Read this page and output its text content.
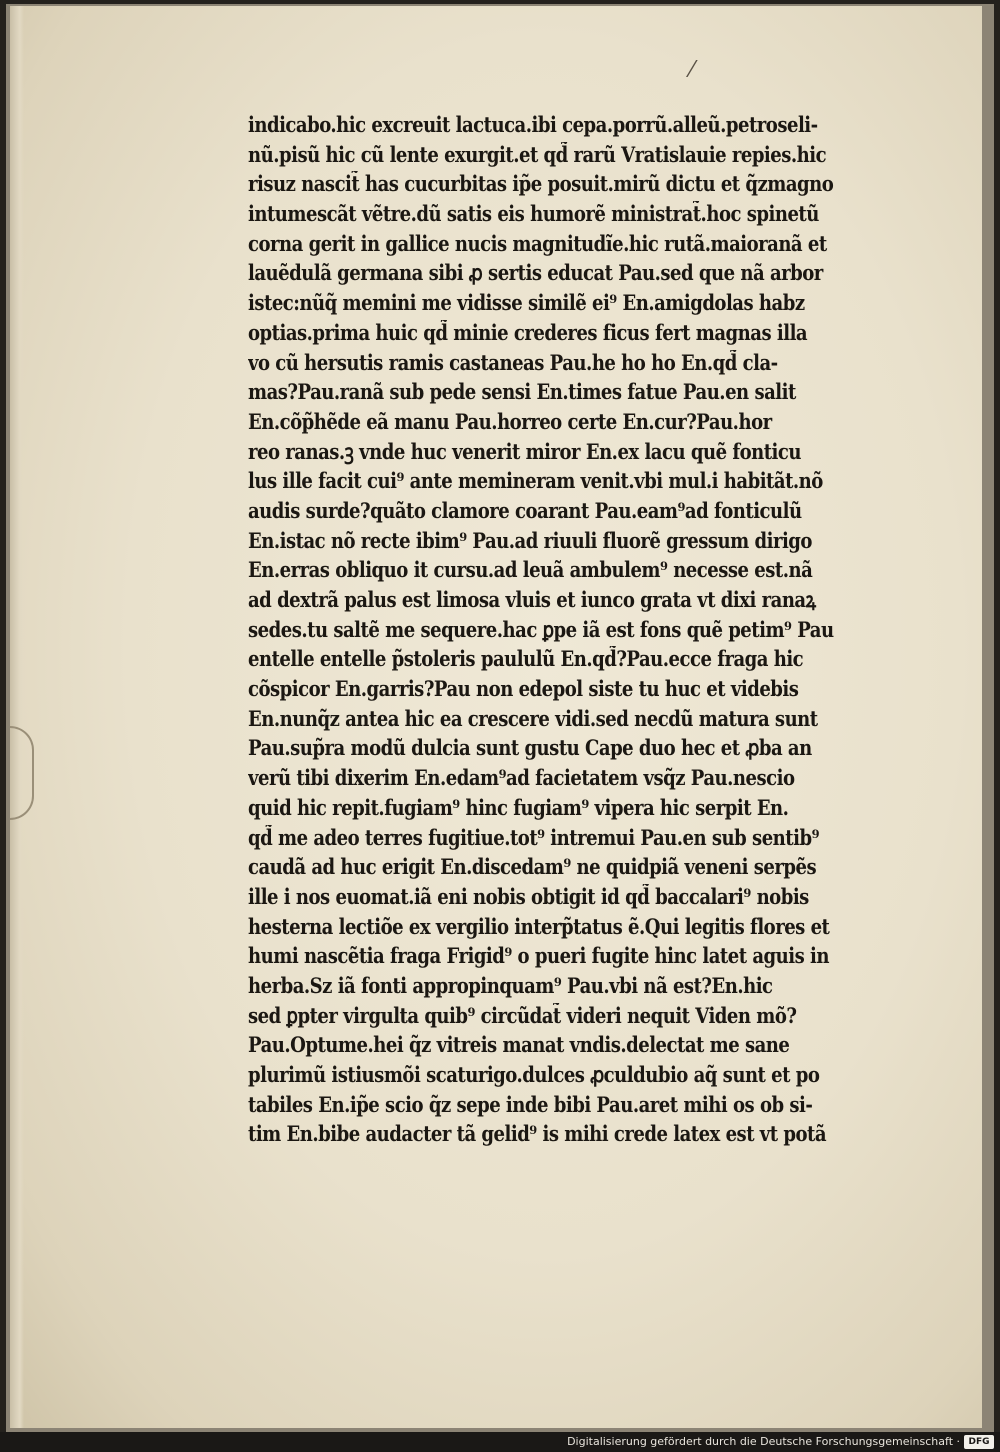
⁄
indicabo.hic excreuit lactuca.ibi cepa.porrũ.alleũ.petroseli-
nũ.pisũ hic cũ lente exurgit.et qd̃ rarũ Vratislauie repies.hic
risuz nascit̃ has cucurbitas ip̃e posuit.mirũ dictu et q̃zmagno
intumescãt vẽtre.dũ satis eis humorẽ ministrat̃.hoc spinetũ
corna gerit in gallice nucis magnitudĩe.hic rutã.maioranã et
lauẽdulã germana sibi ꝓ sertis educat Pau.sed que nã arbor
istec:nũq̃ memini me vidisse similẽ ei⁹ En.amigdolas habz
optias.prima huic qd̃ minie crederes ficus fert magnas illa
vo cũ hersutis ramis castaneas Pau.he ho ho En.qd̃ cla-
mas?Pau.ranã sub pede sensi En.times fatue Pau.en salit
En.cõp̃hẽde eã manu Pau.horreo certe En.cur?Pau.hor
reo ranas.ꝫ vnde huc venerit miror En.ex lacu quẽ fonticu
lus ille facit cui⁹ ante memineram venit.vbi mul.i habitãt.nõ
audis surde?quãto clamore coarant Pau.eam⁹ad fonticulũ
En.istac nõ recte ibim⁹ Pau.ad riuuli fluorẽ gressum dirigo
En.erras obliquo it cursu.ad leuã ambulem⁹ necesse est.nã
ad dextrã palus est limosa vluis et iunco grata vt dixi ranaꝝ
sedes.tu saltẽ me sequere.hac ꝑpe iã est fons quẽ petim⁹ Pau
entelle entelle p̃stoleris paululũ En.qd̃?Pau.ecce fraga hic
cõspicor En.garris?Pau non edepol siste tu huc et videbis
En.nunq̃z antea hic ea crescere vidi.sed necdũ matura sunt
Pau.sup̃ra modũ dulcia sunt gustu Cape duo hec et ꝓba an
verũ tibi dixerim En.edam⁹ad facietatem vsq̃z Pau.nescio
quid hic repit.fugiam⁹ hinc fugiam⁹ vipera hic serpit En.
qd̃ me adeo terres fugitiue.tot⁹ intremui Pau.en sub sentib⁹
caudã ad huc erigit En.discedam⁹ ne quidpiã veneni serpẽs
ille i nos euomat.iã eni nobis obtigit id qd̃ baccalari⁹ nobis
hesterna lectiõe ex vergilio interp̃tatus ẽ.Qui legitis flores et
humi nascẽtia fraga Frigid⁹ o pueri fugite hinc latet aguis in
herba.Sz iã fonti appropinquam⁹ Pau.vbi nã est?En.hic
sed ꝑpter virgulta quib⁹ circũdat̃ videri nequit Viden mõ?
Pau.Optume.hei q̃z vitreis manat vndis.delectat me sane
plurimũ istiusmõi scaturigo.dulces ꝓculdubio aq̃ sunt et po
tabiles En.ip̃e scio q̃z sepe inde bibi Pau.aret mihi os ob si-
tim En.bibe audacter tã gelid⁹ is mihi crede latex est vt potã
Digitalisierung gefördert durch die Deutsche Forschungsgemeinschaft · DFG
